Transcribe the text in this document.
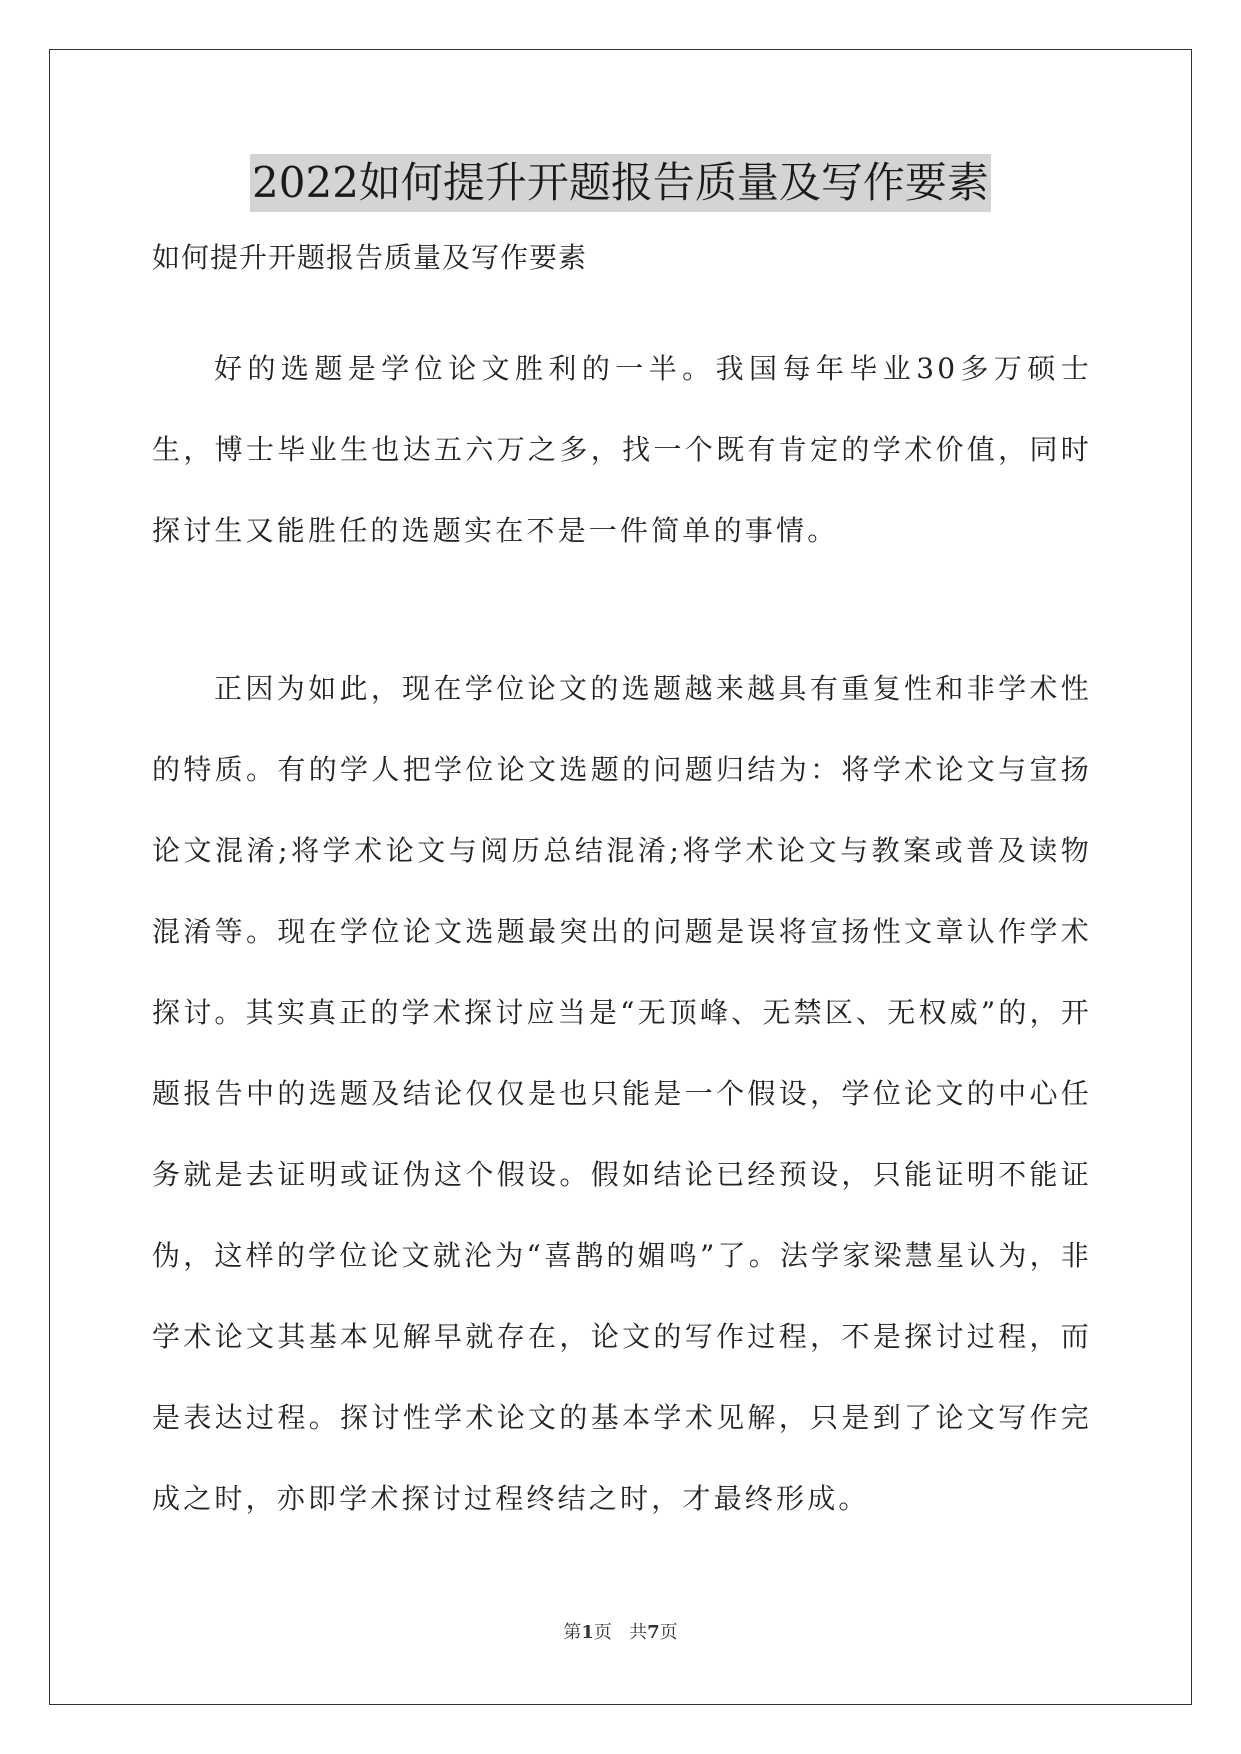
2022如何提升开题报告质量及写作要素
如何提升开题报告质量及写作要素

好的选题是学位论文胜利的一半。我国每年毕业30多万硕士生，博士毕业生也达五六万之多，找一个既有肯定的学术价值，同时探讨生又能胜任的选题实在不是一件简单的事情。

正因为如此，现在学位论文的选题越来越具有重复性和非学术性的特质。有的学人把学位论文选题的问题归结为：将学术论文与宣扬论文混淆;将学术论文与阅历总结混淆;将学术论文与教案或普及读物混淆等。现在学位论文选题最突出的问题是误将宣扬性文章认作学术探讨。其实真正的学术探讨应当是“无顶峰、无禁区、无权威”的，开题报告中的选题及结论仅仅是也只能是一个假设，学位论文的中心任务就是去证明或证伪这个假设。假如结论已经预设，只能证明不能证伪，这样的学位论文就沦为“喜鹊的媚鸣”了。法学家梁慧星认为，非学术论文其基本见解早就存在，论文的写作过程，不是探讨过程，而是表达过程。探讨性学术论文的基本学术见解，只是到了论文写作完成之时，亦即学术探讨过程终结之时，才最终形成。

第1页 共7页
